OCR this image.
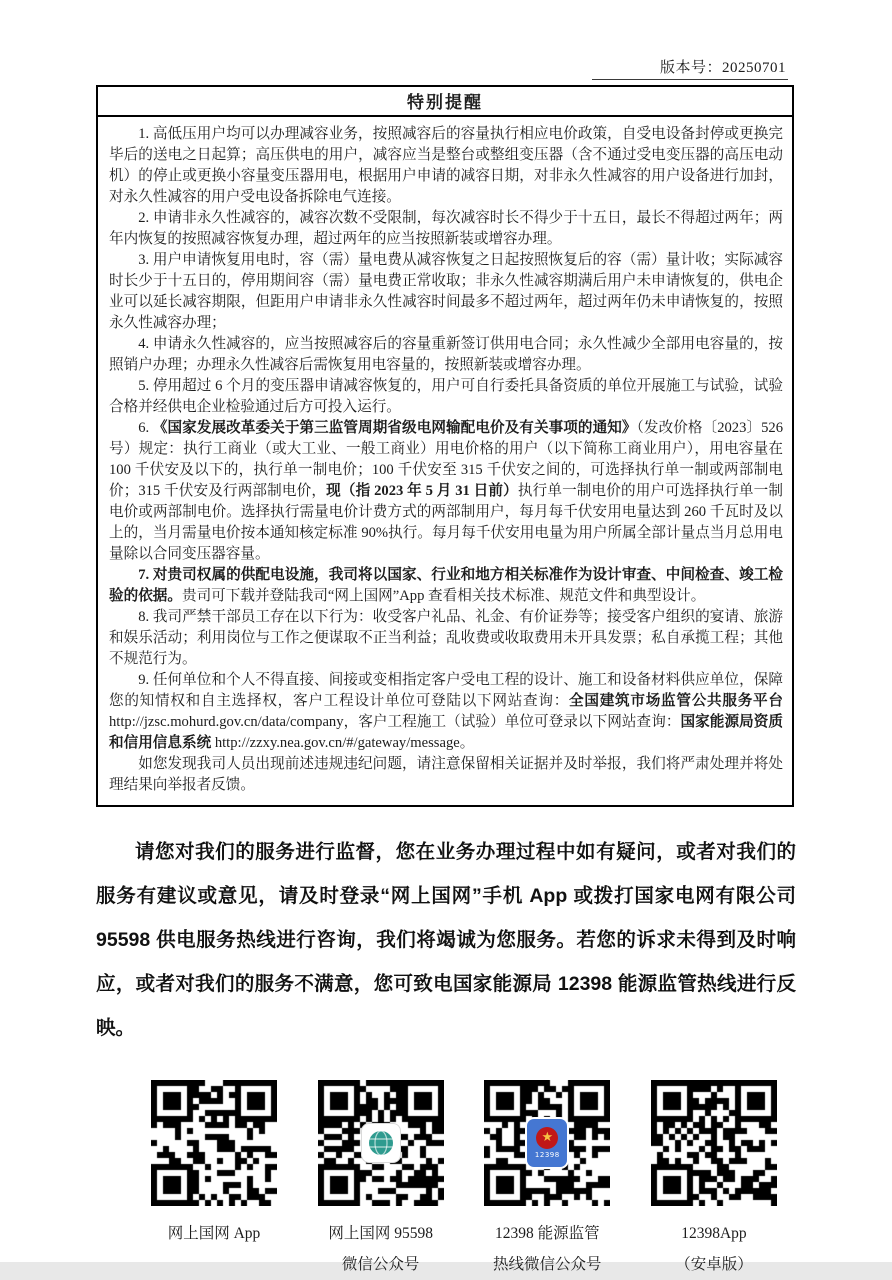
版本号：20250701
特别提醒

1. 高低压用户均可以办理减容业务，按照减容后的容量执行相应电价政策，自受电设备封停或更换完毕后的送电之日起算；高压供电的用户，减容应当是整台或整组变压器（含不通过受电变压器的高压电动机）的停止或更换小容量变压器用电，根据用户申请的减容日期，对非永久性减容的用户设备进行加封，对永久性减容的用户受电设备拆除电气连接。

2. 申请非永久性减容的，减容次数不受限制，每次减容时长不得少于十五日，最长不得超过两年；两年内恢复的按照减容恢复办理，超过两年的应当按照新装或增容办理。

3. 用户申请恢复用电时，容（需）量电费从减容恢复之日起按照恢复后的容（需）量计收；实际减容时长少于十五日的，停用期间容（需）量电费正常收取；非永久性减容期满后用户未申请恢复的，供电企业可以延长减容期限，但距用户申请非永久性减容时间最多不超过两年，超过两年仍未申请恢复的，按照永久性减容办理；

4. 申请永久性减容的，应当按照减容后的容量重新签订供用电合同；永久性减少全部用电容量的，按照销户办理；办理永久性减容后需恢复用电容量的，按照新装或增容办理。

5. 停用超过 6 个月的变压器申请减容恢复的，用户可自行委托具备资质的单位开展施工与试验，试验合格并经供电企业检验通过后方可投入运行。

6. 《国家发展改革委关于第三监管周期省级电网输配电价及有关事项的通知》（发改价格〔2023〕526 号）规定：执行工商业（或大工业、一般工商业）用电价格的用户（以下简称工商业用户），用电容量在 100 千伏安及以下的，执行单一制电价；100 千伏安至 315 千伏安之间的，可选择执行单一制或两部制电价；315 千伏安及行两部制电价，现（指 2023 年 5 月 31 日前）执行单一制电价的用户可选择执行单一制电价或两部制电价。选择执行需量电价计费方式的两部制用户，每月每千伏安用电量达到 260 千瓦时及以上的，当月需量电价按本通知核定标准 90%执行。每月每千伏安用电量为用户所属全部计量点当月总用电量除以合同变压器容量。

7. 对贵司权属的供配电设施，我司将以国家、行业和地方相关标准作为设计审查、中间检查、竣工检验的依据。贵司可下载并登陆我司“网上国网”App 查看相关技术标准、规范文件和典型设计。

8. 我司严禁干部员工存在以下行为：收受客户礼品、礼金、有价证券等；接受客户组织的宴请、旅游和娱乐活动；利用岗位与工作之便谋取不正当利益；乱收费或收取费用未开具发票；私自承揽工程；其他不规范行为。

9. 任何单位和个人不得直接、间接或变相指定客户受电工程的设计、施工和设备材料供应单位，保障您的知情权和自主选择权，客户工程设计单位可登陆以下网站查询：全国建筑市场监管公共服务平台 http://jzsc.mohurd.gov.cn/data/company，客户工程施工（试验）单位可登录以下网站查询：国家能源局资质和信用信息系统 http://zzxy.nea.gov.cn/#/gateway/message。

如您发现我司人员出现前述违规违纪问题，请注意保留相关证据并及时举报，我们将严肃处理并将处理结果向举报者反馈。

请您对我们的服务进行监督，您在业务办理过程中如有疑问，或者对我们的服务有建议或意见，请及时登录“网上国网”手机 App 或拨打国家电网有限公司 95598 供电服务热线进行咨询，我们将竭诚为您服务。若您的诉求未得到及时响应，或者对我们的服务不满意，您可致电国家能源局 12398 能源监管热线进行反映。

网上国网 App	网上国网 95598
微信公众号
★
12398
12398 能源监管
热线微信公众号
12398App
（安卓版）
